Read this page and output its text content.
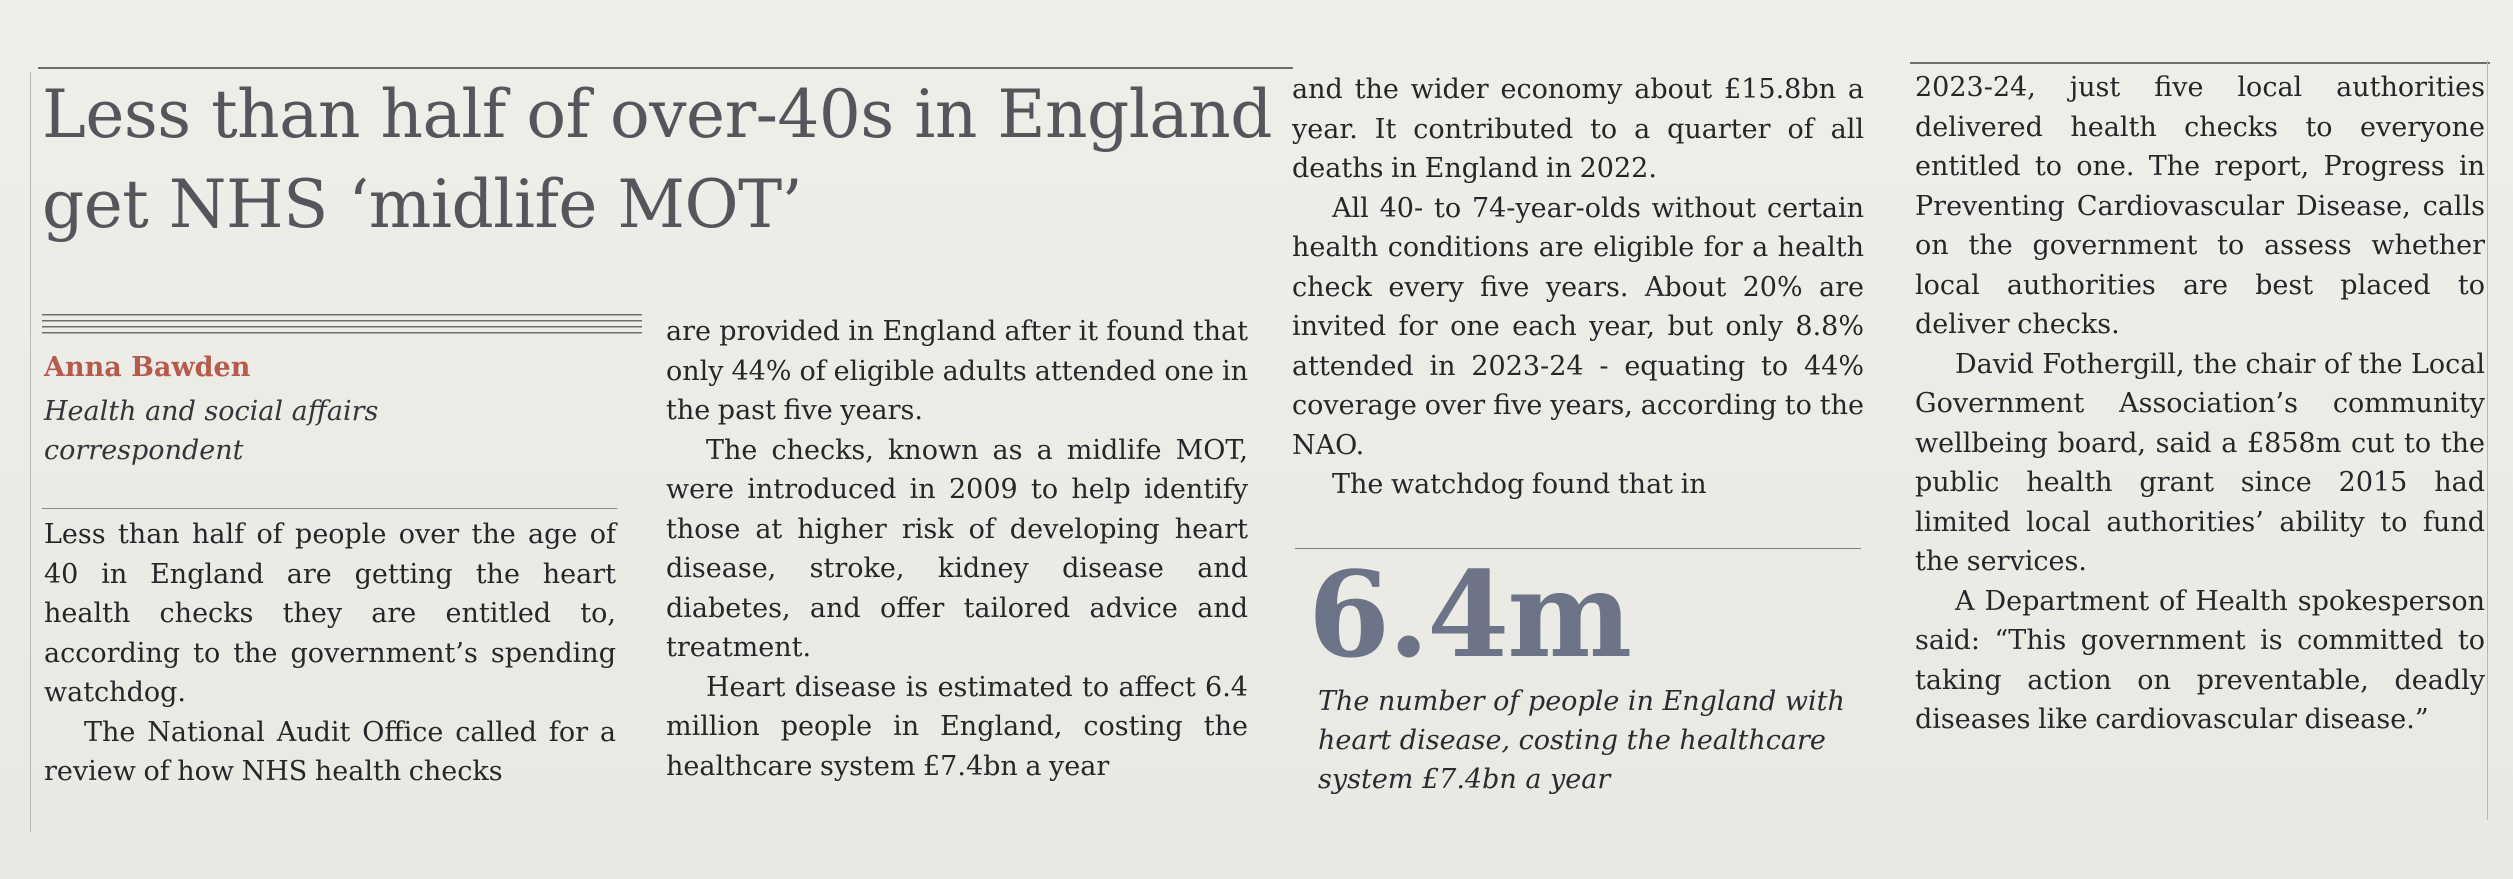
Less than half of over-40s in England get NHS ‘midlife MOT’
Anna Bawden
Health and social affairs correspondent

Less than half of people over the age of 40 in England are getting the heart health checks they are entitled to, according to the government’s spending watchdog.

The National Audit Office called for a review of how NHS health checks

are provided in England after it found that only 44% of eligible adults attended one in the past five years.

The checks, known as a midlife MOT, were introduced in 2009 to help identify those at higher risk of developing heart disease, stroke, kidney disease and diabetes, and offer tailored advice and treatment.

Heart disease is estimated to affect 6.4 million people in England, costing the healthcare system £7.4bn a year

and the wider economy about £15.8bn a year. It contributed to a quarter of all deaths in England in 2022.

All 40- to 74-year-olds without certain health conditions are eligible for a health check every five years. About 20% are invited for one each year, but only 8.8% attended in 2023-24 - equating to 44% coverage over five years, according to the NAO.

The watchdog found that in

6.4m
The number of people in England with heart disease, costing the healthcare system £7.4bn a year

2023-24, just five local authorities delivered health checks to everyone entitled to one. The report, Progress in Preventing Cardiovascular Disease, calls on the government to assess whether local authorities are best placed to deliver checks.

David Fothergill, the chair of the Local Government Association’s community wellbeing board, said a £858m cut to the public health grant since 2015 had limited local authorities’ ability to fund the services.

A Department of Health spokesperson said: “This government is committed to taking action on preventable, deadly diseases like cardiovascular disease.”
